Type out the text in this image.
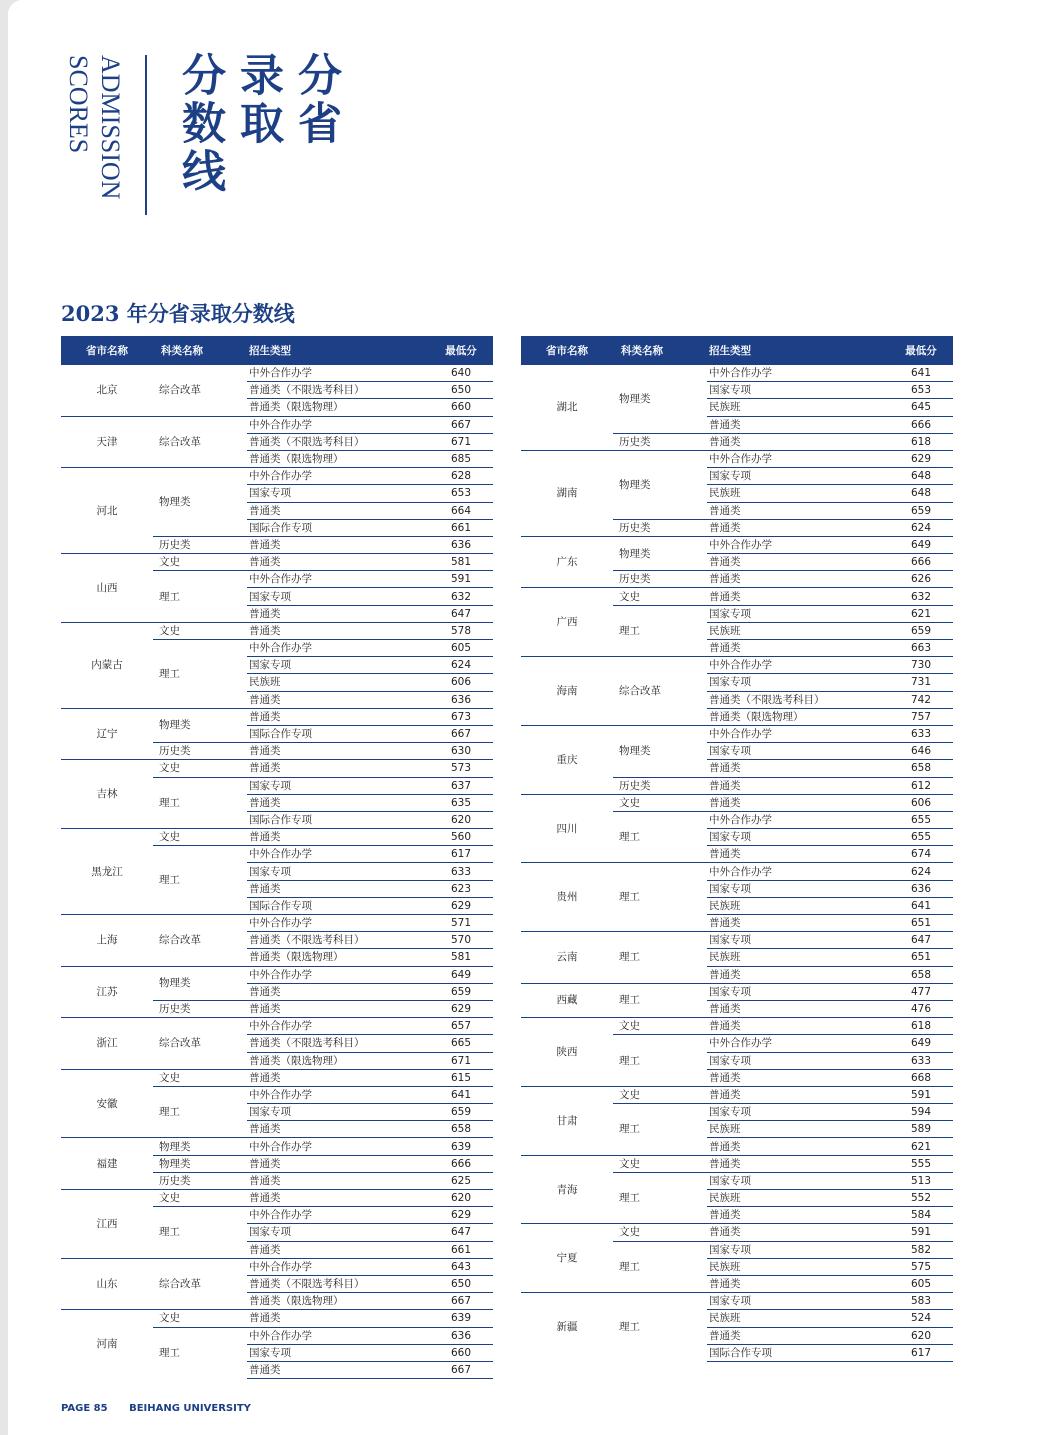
ADMISSION
SCORES	分省
录取
分数线
2023 年分省录取分数线
省市名称	科类名称	招生类型	最低分
北京	综合改革	中外合作办学	640
		普通类（不限选考科目）	650
		普通类（限选物理）	660
天津	综合改革	中外合作办学	667
		普通类（不限选考科目）	671
		普通类（限选物理）	685
河北	物理类	中外合作办学	628
		国家专项	653
		普通类	664
		国际合作专项	661
	历史类	普通类	636
山西	文史	普通类	581
	理工	中外合作办学	591
		国家专项	632
		普通类	647
内蒙古	文史	普通类	578
	理工	中外合作办学	605
		国家专项	624
		民族班	606
		普通类	636
辽宁	物理类	普通类	673
		国际合作专项	667
	历史类	普通类	630
吉林	文史	普通类	573
	理工	国家专项	637
		普通类	635
		国际合作专项	620
黑龙江	文史	普通类	560
	理工	中外合作办学	617
		国家专项	633
		普通类	623
		国际合作专项	629
上海	综合改革	中外合作办学	571
		普通类（不限选考科目）	570
		普通类（限选物理）	581
江苏	物理类	中外合作办学	649
		普通类	659
	历史类	普通类	629
浙江	综合改革	中外合作办学	657
		普通类（不限选考科目）	665
		普通类（限选物理）	671
安徽	文史	普通类	615
	理工	中外合作办学	641
		国家专项	659
		普通类	658
福建	物理类	中外合作办学	639
	物理类	普通类	666
	历史类	普通类	625
江西	文史	普通类	620
	理工	中外合作办学	629
		国家专项	647
		普通类	661
山东	综合改革	中外合作办学	643
		普通类（不限选考科目）	650
		普通类（限选物理）	667
河南	文史	普通类	639
	理工	中外合作办学	636
		国家专项	660
		普通类	667
省市名称	科类名称	招生类型	最低分
湖北	物理类	中外合作办学	641
		国家专项	653
		民族班	645
		普通类	666
	历史类	普通类	618
湖南	物理类	中外合作办学	629
		国家专项	648
		民族班	648
		普通类	659
	历史类	普通类	624
广东	物理类	中外合作办学	649
		普通类	666
	历史类	普通类	626
广西	文史	普通类	632
	理工	国家专项	621
		民族班	659
		普通类	663
海南	综合改革	中外合作办学	730
		国家专项	731
		普通类（不限选考科目）	742
		普通类（限选物理）	757
重庆	物理类	中外合作办学	633
		国家专项	646
		普通类	658
	历史类	普通类	612
四川	文史	普通类	606
	理工	中外合作办学	655
		国家专项	655
		普通类	674
贵州	理工	中外合作办学	624
		国家专项	636
		民族班	641
		普通类	651
云南	理工	国家专项	647
		民族班	651
		普通类	658
西藏	理工	国家专项	477
		普通类	476
陕西	文史	普通类	618
	理工	中外合作办学	649
		国家专项	633
		普通类	668
甘肃	文史	普通类	591
	理工	国家专项	594
		民族班	589
		普通类	621
青海	文史	普通类	555
	理工	国家专项	513
		民族班	552
		普通类	584
宁夏	文史	普通类	591
	理工	国家专项	582
		民族班	575
		普通类	605
新疆	理工	国家专项	583
		民族班	524
		普通类	620
		国际合作专项	617
PAGE 85 BEIHANG UNIVERSITY
